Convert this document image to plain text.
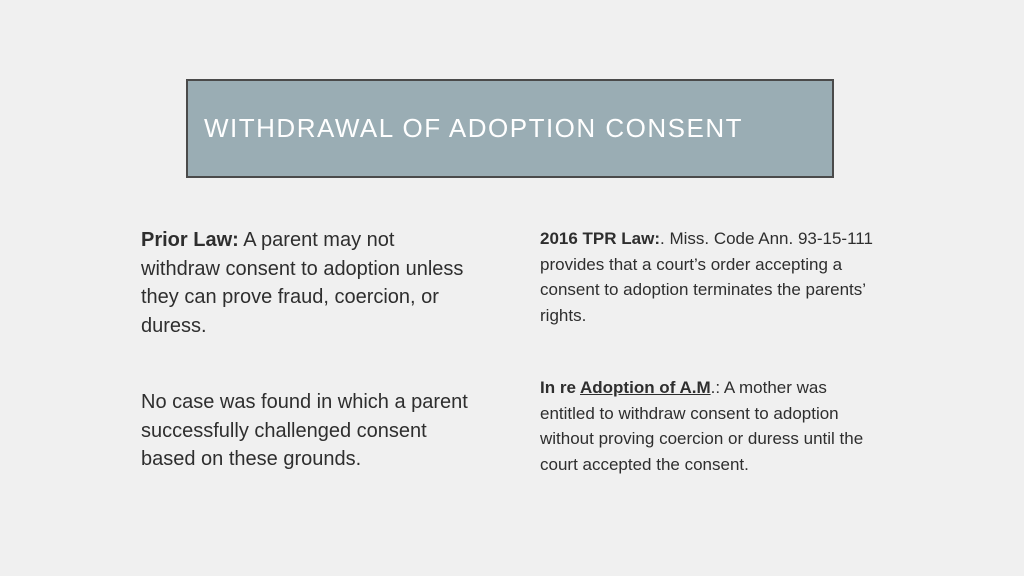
WITHDRAWAL OF ADOPTION CONSENT
Prior Law: A parent may not withdraw consent to adoption unless they can prove fraud, coercion, or duress.
No case was found in which a parent successfully challenged consent based on these grounds.
2016 TPR Law:. Miss. Code Ann. 93-15-111 provides that a court’s order accepting a consent to adoption terminates the parents’ rights.
In re Adoption of A.M.: A mother was entitled to withdraw consent to adoption without proving coercion or duress until the court accepted the consent.
